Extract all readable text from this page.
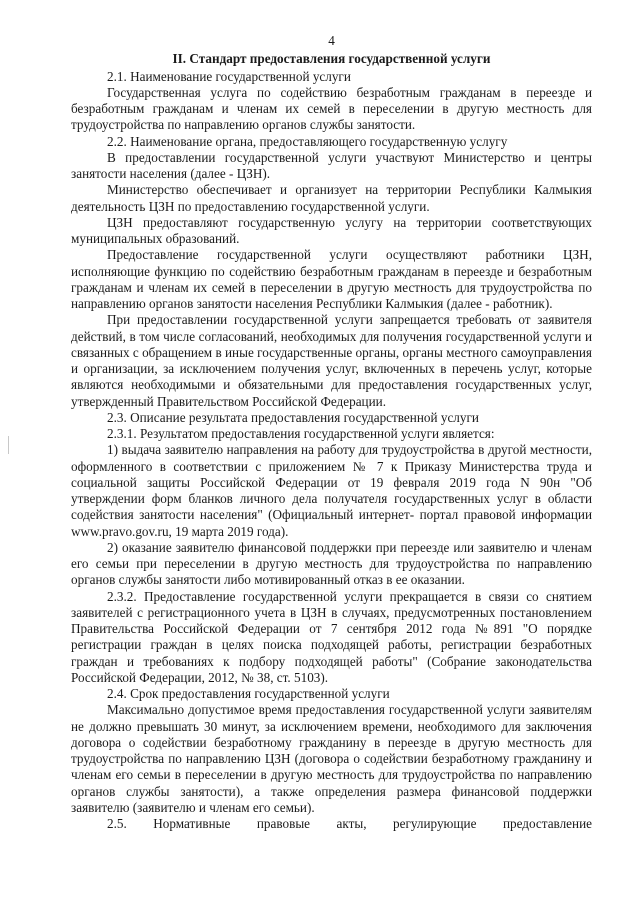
4
II. Стандарт предоставления государственной услуги

2.1. Наименование государственной услуги

Государственная услуга по содействию безработным гражданам в переезде и безработным гражданам и членам их семей в переселении в другую местность для трудоустройства по направлению органов службы занятости.

2.2. Наименование органа, предоставляющего государственную услугу

В предоставлении государственной услуги участвуют Министерство и центры занятости населения (далее - ЦЗН).

Министерство обеспечивает и организует на территории Республики Калмыкия деятельность ЦЗН по предоставлению государственной услуги.

ЦЗН предоставляют государственную услугу на территории соответствующих муниципальных образований.

Предоставление государственной услуги осуществляют работники ЦЗН, исполняющие функцию по содействию безработным гражданам в переезде и безработным гражданам и членам их семей в переселении в другую местность для трудоустройства по направлению органов занятости населения Республики Калмыкия (далее - работник).

При предоставлении государственной услуги запрещается требовать от заявителя действий, в том числе согласований, необходимых для получения государственной услуги и связанных с обращением в иные государственные органы, органы местного самоуправления и организации, за исключением получения услуг, включенных в перечень услуг, которые являются необходимыми и обязательными для предоставления государственных услуг, утвержденный Правительством Российской Федерации.

2.3. Описание результата предоставления государственной услуги

2.3.1. Результатом предоставления государственной услуги является:

1) выдача заявителю направления на работу для трудоустройства в другой местности, оформленного в соответствии с приложением № 7 к Приказу Министерства труда и социальной защиты Российской Федерации от 19 февраля 2019 года N 90н "Об утверждении форм бланков личного дела получателя государственных услуг в области содействия занятости населения" (Официальный интернет- портал правовой информации www.pravo.gov.ru, 19 марта 2019 года).

2) оказание заявителю финансовой поддержки при переезде или заявителю и членам его семьи при переселении в другую местность для трудоустройства по направлению органов службы занятости либо мотивированный отказ в ее оказании.

2.3.2. Предоставление государственной услуги прекращается в связи со снятием заявителей с регистрационного учета в ЦЗН в случаях, предусмотренных постановлением Правительства Российской Федерации от 7 сентября 2012 года №891 "О порядке регистрации граждан в целях поиска подходящей работы, регистрации безработных граждан и требованиях к подбору подходящей работы" (Собрание законодательства Российской Федерации, 2012, № 38, ст. 5103).

2.4. Срок предоставления государственной услуги

Максимально допустимое время предоставления государственной услуги заявителям не должно превышать 30 минут, за исключением времени, необходимого для заключения договора о содействии безработному гражданину в переезде в другую местность для трудоустройства по направлению ЦЗН (договора о содействии безработному гражданину и членам его семьи в переселении в другую местность для трудоустройства по направлению органов службы занятости), а также определения размера финансовой поддержки заявителю (заявителю и членам его семьи).

2.5. Нормативные правовые акты, регулирующие предоставление
